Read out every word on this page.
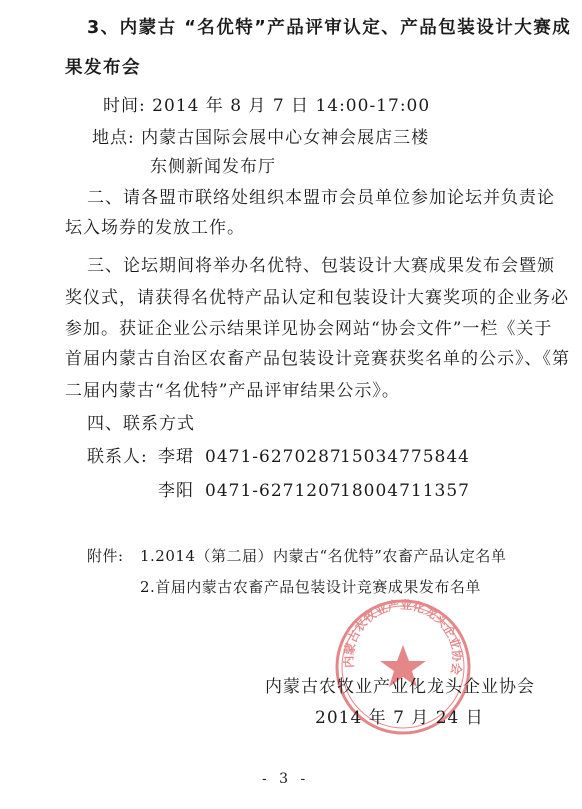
3、内蒙古 “名优特”产品评审认定、产品包装设计大赛成
果发布会
时间: 2014 年 8 月 7 日 14:00-17:00
地点: 内蒙古国际会展中心女神会展店三楼
东侧新闻发布厅
二、请各盟市联络处组织本盟市会员单位参加论坛并负责论
坛入场券的发放工作。
三、论坛期间将举办名优特、包装设计大赛成果发布会暨颁
奖仪式，请获得名优特产品认定和包装设计大赛奖项的企业务必
参加。获证企业公示结果详见协会网站“协会文件”一栏《关于
首届内蒙古自治区农畜产品包装设计竞赛获奖名单的公示》、《第
二届内蒙古“名优特”产品评审结果公示》。
四、联系方式
联系人: 李珺 0471-6270287
15034775844
李阳 0471-6271207
18004711357
附件: 1.2014（第二届）内蒙古“名优特”农畜产品认定名单
2.首届内蒙古农畜产品包装设计竞赛成果发布名单
内蒙古农牧业产业化龙头企业协会
内蒙古农牧业产业化龙头企业协会
2014 年 7 月 24 日
- 3 -
